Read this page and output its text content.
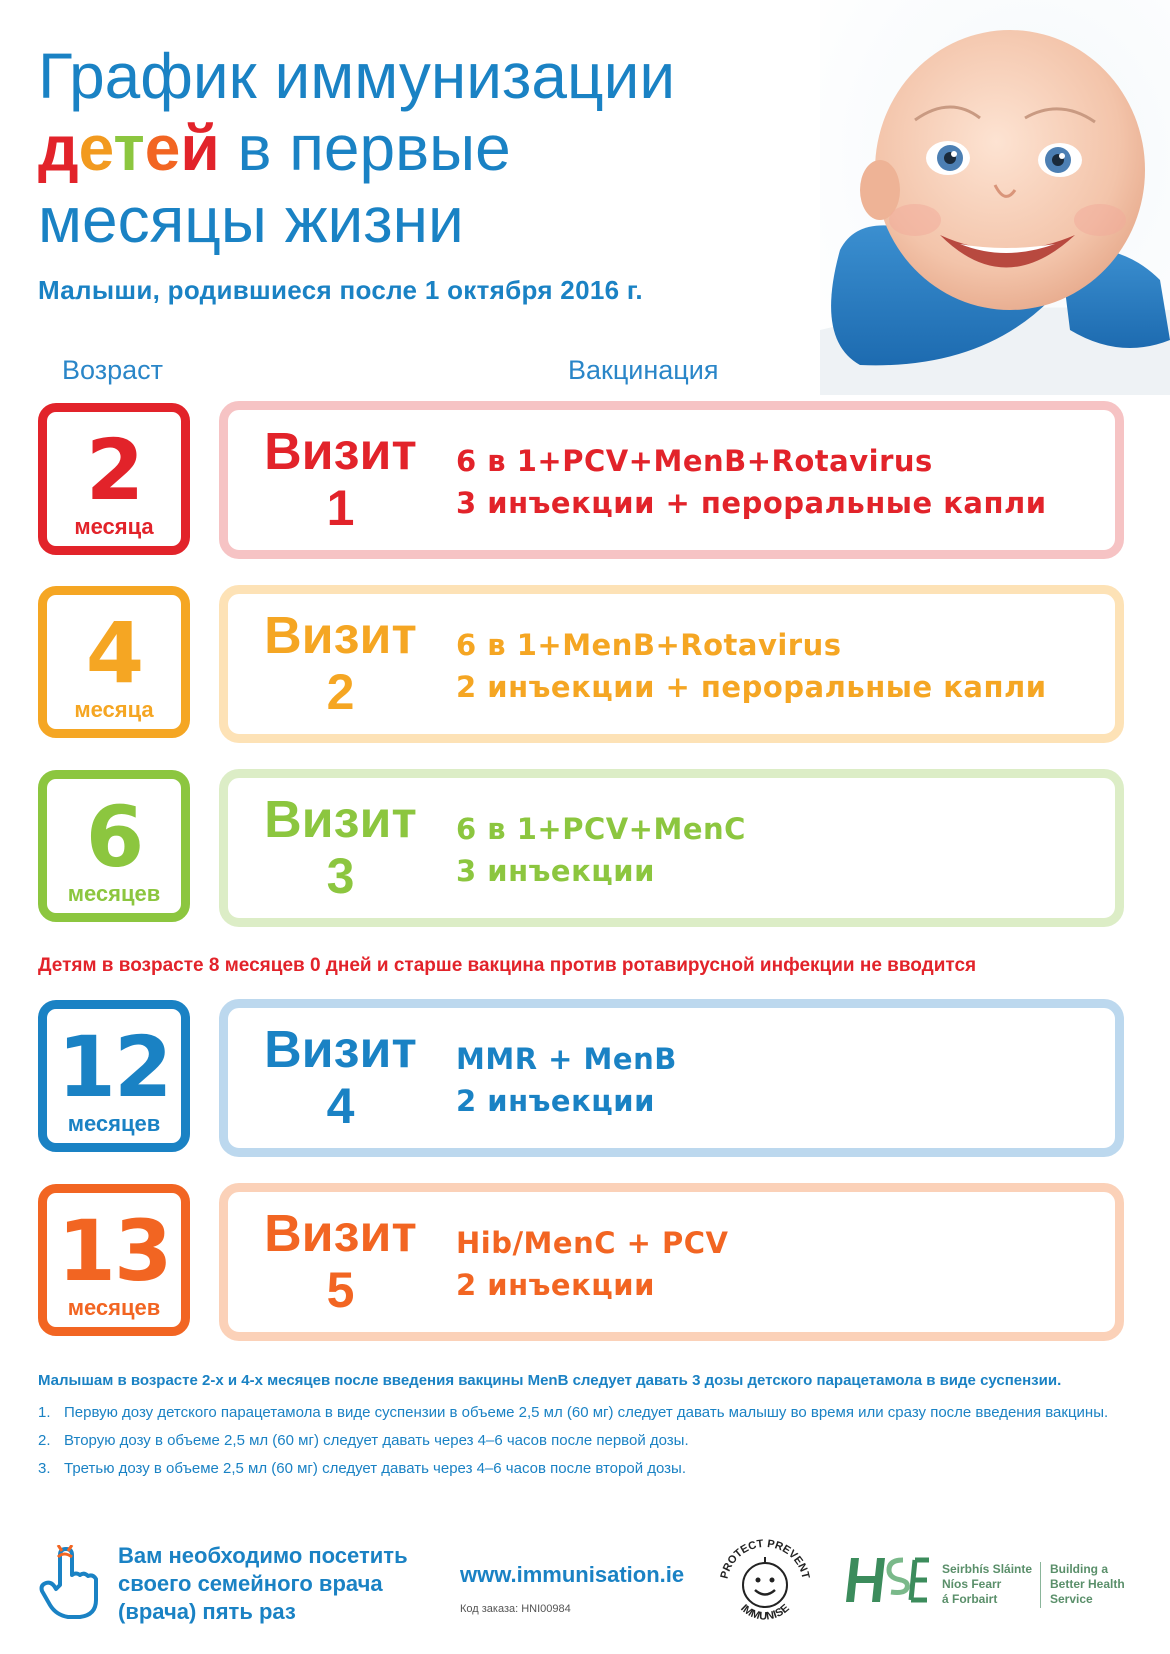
График иммунизации
детей в первые
месяцы жизни
Малыши, родившиеся после 1 октября 2016 г.
Возраст	Вакцинация
2
месяца
Визит
1
6 в 1+PCV+MenB+Rotavirus
3 инъекции + пероральные капли
4
месяца
Визит
2
6 в 1+MenB+Rotavirus
2 инъекции + пероральные капли
6
месяцев
Визит
3
6 в 1+PCV+MenC
3 инъекции
Детям в возрасте 8 месяцев 0 дней и старше вакцина против ротавирусной инфекции не вводится
12
месяцев
Визит
4
MMR + MenB
2 инъекции
13
месяцев
Визит
5
Hib/MenC + PCV
2 инъекции
Малышам в возрасте 2-х и 4-х месяцев после введения вакцины MenB следует давать 3 дозы детского парацетамола в виде суспензии.
1. Первую дозу детского парацетамола в виде суспензии в объеме 2,5 мл (60 мг) следует давать малышу во время или сразу после введения вакцины.
2. Вторую дозу в объеме 2,5 мл (60 мг) следует давать через 4–6 часов после первой дозы.
3. Третью дозу в объеме 2,5 мл (60 мг) следует давать через 4–6 часов после второй дозы.
Вам необходимо посетить
своего семейного врача
(врача) пять раз
www.immunisation.ie
Код заказа: HNI00984
PROTECT PREVENT
IMMUNISE
Seirbhís Sláinte
Níos Fearr
á Forbairt
Building a
Better Health
Service
